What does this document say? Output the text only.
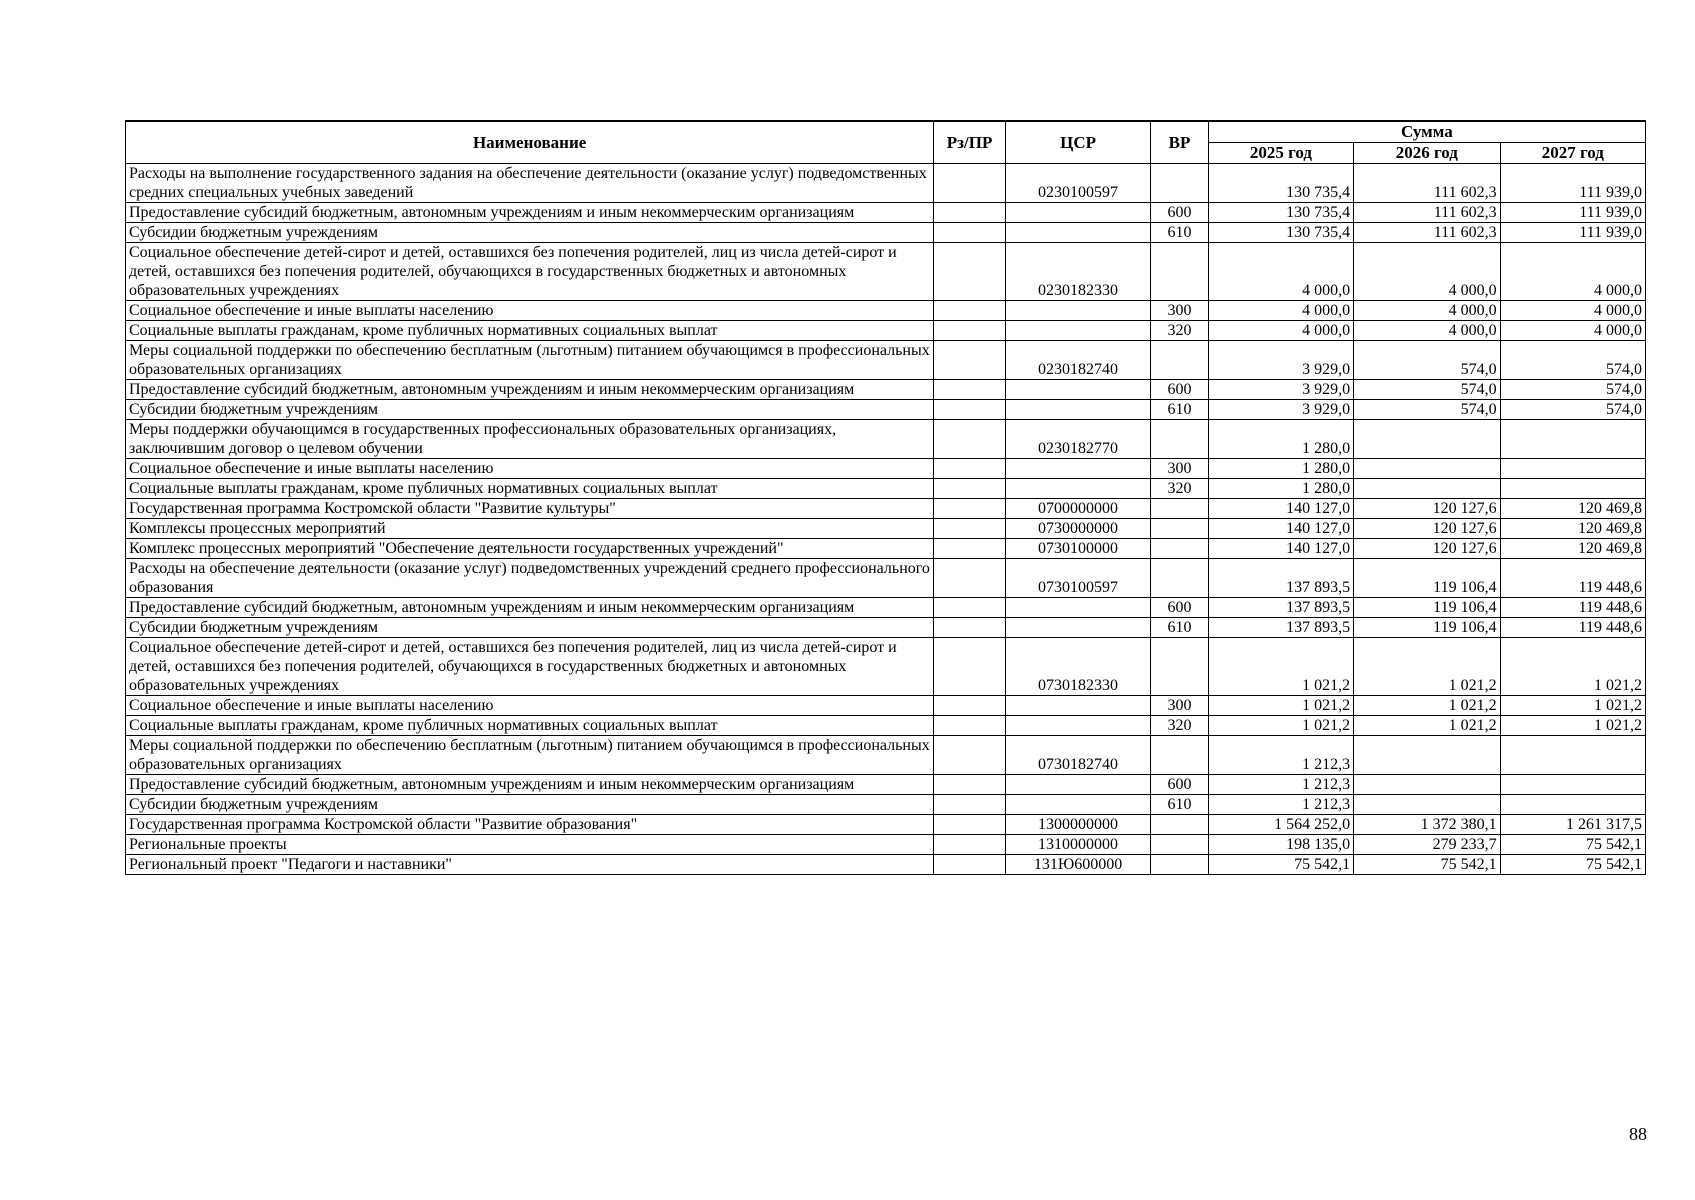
Наименование	Рз/ПР	ЦСР	ВР	Сумма		
				2025 год	2026 год	2027 год
Расходы на выполнение государственного задания на обеспечение деятельности (оказание услуг) подведомственных средних специальных учебных заведений		0230100597		130 735,4	111 602,3	111 939,0
Предоставление субсидий бюджетным, автономным учреждениям и иным некоммерческим организациям			600	130 735,4	111 602,3	111 939,0
Субсидии бюджетным учреждениям			610	130 735,4	111 602,3	111 939,0
Социальное обеспечение детей-сирот и детей, оставшихся без попечения родителей, лиц из числа детей-сирот и детей, оставшихся без попечения родителей, обучающихся в государственных бюджетных и автономных образовательных учреждениях		0230182330		4 000,0	4 000,0	4 000,0
Социальное обеспечение и иные выплаты населению			300	4 000,0	4 000,0	4 000,0
Социальные выплаты гражданам, кроме публичных нормативных социальных выплат			320	4 000,0	4 000,0	4 000,0
Меры социальной поддержки по обеспечению бесплатным (льготным) питанием обучающимся в профессиональных образовательных организациях		0230182740		3 929,0	574,0	574,0
Предоставление субсидий бюджетным, автономным учреждениям и иным некоммерческим организациям			600	3 929,0	574,0	574,0
Субсидии бюджетным учреждениям			610	3 929,0	574,0	574,0
Меры поддержки обучающимся в государственных профессиональных образовательных организациях, заключившим договор о целевом обучении		0230182770		1 280,0		
Социальное обеспечение и иные выплаты населению			300	1 280,0		
Социальные выплаты гражданам, кроме публичных нормативных социальных выплат			320	1 280,0		
Государственная программа Костромской области "Развитие культуры"		0700000000		140 127,0	120 127,6	120 469,8
Комплексы процессных мероприятий		0730000000		140 127,0	120 127,6	120 469,8
Комплекс процессных мероприятий "Обеспечение деятельности государственных учреждений"		0730100000		140 127,0	120 127,6	120 469,8
Расходы на обеспечение деятельности (оказание услуг) подведомственных учреждений среднего профессионального образования		0730100597		137 893,5	119 106,4	119 448,6
Предоставление субсидий бюджетным, автономным учреждениям и иным некоммерческим организациям			600	137 893,5	119 106,4	119 448,6
Субсидии бюджетным учреждениям			610	137 893,5	119 106,4	119 448,6
Социальное обеспечение детей-сирот и детей, оставшихся без попечения родителей, лиц из числа детей-сирот и детей, оставшихся без попечения родителей, обучающихся в государственных бюджетных и автономных образовательных учреждениях		0730182330		1 021,2	1 021,2	1 021,2
Социальное обеспечение и иные выплаты населению			300	1 021,2	1 021,2	1 021,2
Социальные выплаты гражданам, кроме публичных нормативных социальных выплат			320	1 021,2	1 021,2	1 021,2
Меры социальной поддержки по обеспечению бесплатным (льготным) питанием обучающимся в профессиональных образовательных организациях		0730182740		1 212,3		
Предоставление субсидий бюджетным, автономным учреждениям и иным некоммерческим организациям			600	1 212,3		
Субсидии бюджетным учреждениям			610	1 212,3		
Государственная программа Костромской области "Развитие образования"		1300000000		1 564 252,0	1 372 380,1	1 261 317,5
Региональные проекты		1310000000		198 135,0	279 233,7	75 542,1
Региональный проект "Педагоги и наставники"		131Ю600000		75 542,1	75 542,1	75 542,1
88
